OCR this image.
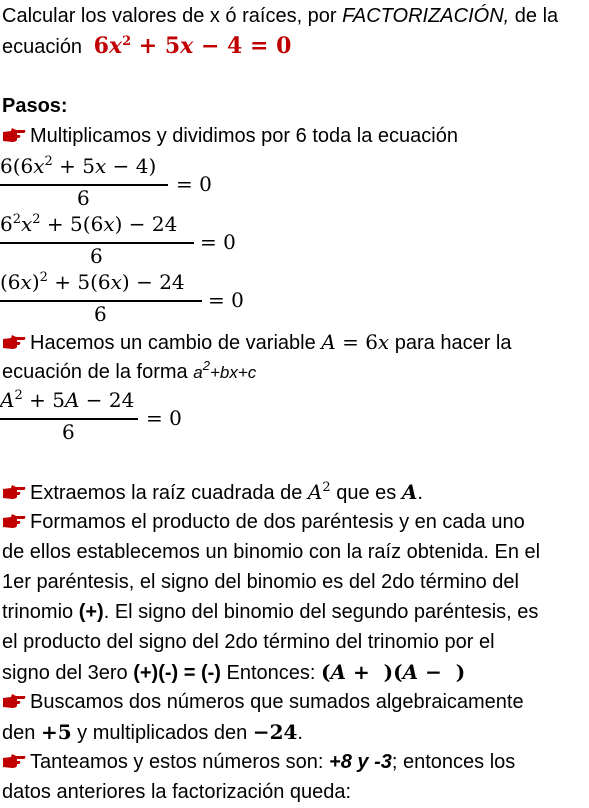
Calcular los valores de x ó raíces, por FACTORIZACIÓN, de la
ecuación $6x^2 + 5x - 4 = 0$
Pasos:
Multiplicamos y dividimos por 6 toda la ecuación
$6(6x^2 + 5x - 4)$
6
= 0
$6^2x^2 + 5(6x) - 24$
6
= 0
$(6x)^2 + 5(6x) - 24$
6
= 0
Hacemos un cambio de variable A = 6x para hacer la
ecuación de la forma $a^2+bx+c$
$A^2 + 5A - 24$
6
= 0
Extraemos la raíz cuadrada de $A^2$ que es A.
Formamos el producto de dos paréntesis y en cada uno
de ellos establecemos un binomio con la raíz obtenida. En el
1er paréntesis, el signo del binomio es del 2do término del
trinomio (+). El signo del binomio del segundo paréntesis, es
el producto del signo del 2do término del trinomio por el
signo del 3ero (+)(-) = (-) Entonces: (A +  )(A −  )
Buscamos dos números que sumados algebraicamente
den +5 y multiplicados den −24.
Tanteamos y estos números son: +8 y -3; entonces los
datos anteriores la factorización queda:
